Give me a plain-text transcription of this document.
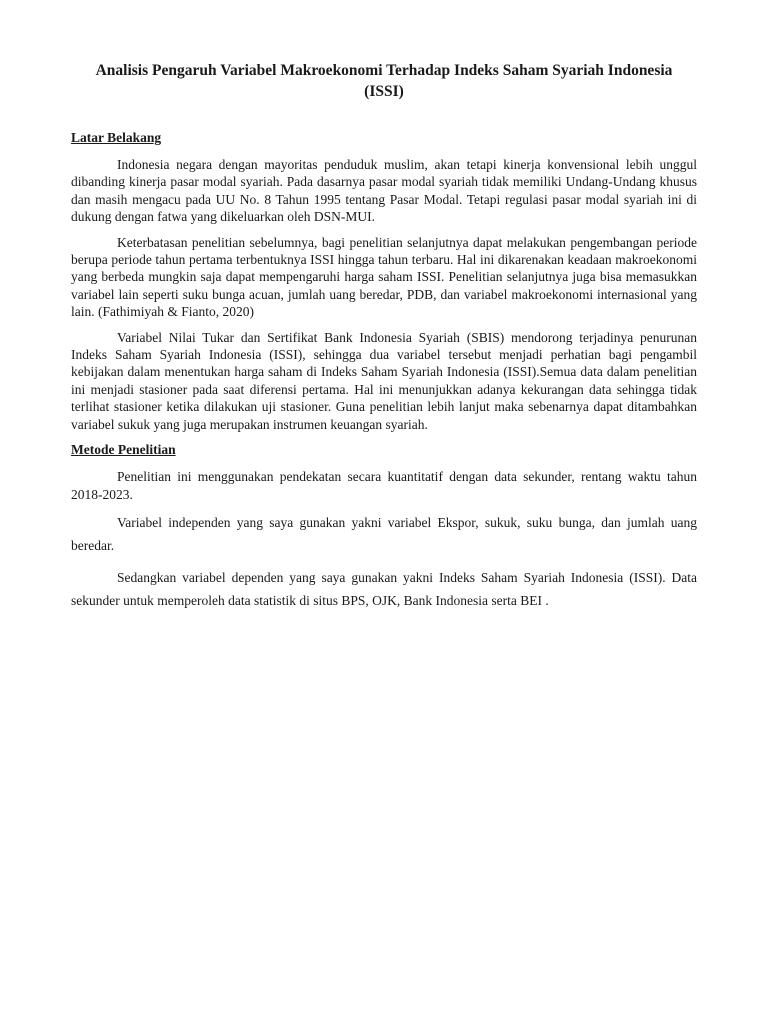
Analisis Pengaruh Variabel Makroekonomi Terhadap Indeks Saham Syariah Indonesia (ISSI)
Latar Belakang

Indonesia negara dengan mayoritas penduduk muslim, akan tetapi kinerja konvensional lebih unggul dibanding kinerja pasar modal syariah. Pada dasarnya pasar modal syariah tidak memiliki Undang-Undang khusus dan masih mengacu pada UU No. 8 Tahun 1995 tentang Pasar Modal. Tetapi regulasi pasar modal syariah ini di dukung dengan fatwa yang dikeluarkan oleh DSN-MUI.

Keterbatasan penelitian sebelumnya, bagi penelitian selanjutnya dapat melakukan pengembangan periode berupa periode tahun pertama terbentuknya ISSI hingga tahun terbaru. Hal ini dikarenakan keadaan makroekonomi yang berbeda mungkin saja dapat mempengaruhi harga saham ISSI. Penelitian selanjutnya juga bisa memasukkan variabel lain seperti suku bunga acuan, jumlah uang beredar, PDB, dan variabel makroekonomi internasional yang lain. (Fathimiyah & Fianto, 2020)

Variabel Nilai Tukar dan Sertifikat Bank Indonesia Syariah (SBIS) mendorong terjadinya penurunan Indeks Saham Syariah Indonesia (ISSI), sehingga dua variabel tersebut menjadi perhatian bagi pengambil kebijakan dalam menentukan harga saham di Indeks Saham Syariah Indonesia (ISSI).Semua data dalam penelitian ini menjadi stasioner pada saat diferensi pertama. Hal ini menunjukkan adanya kekurangan data sehingga tidak terlihat stasioner ketika dilakukan uji stasioner. Guna penelitian lebih lanjut maka sebenarnya dapat ditambahkan variabel sukuk yang juga merupakan instrumen keuangan syariah.

Metode Penelitian

Penelitian ini menggunakan pendekatan secara kuantitatif dengan data sekunder, rentang waktu tahun 2018-2023.

Variabel independen yang saya gunakan yakni variabel Ekspor, sukuk, suku bunga, dan jumlah uang beredar.

Sedangkan variabel dependen yang saya gunakan yakni Indeks Saham Syariah Indonesia (ISSI). Data sekunder untuk memperoleh data statistik di situs BPS, OJK, Bank Indonesia serta BEI .
